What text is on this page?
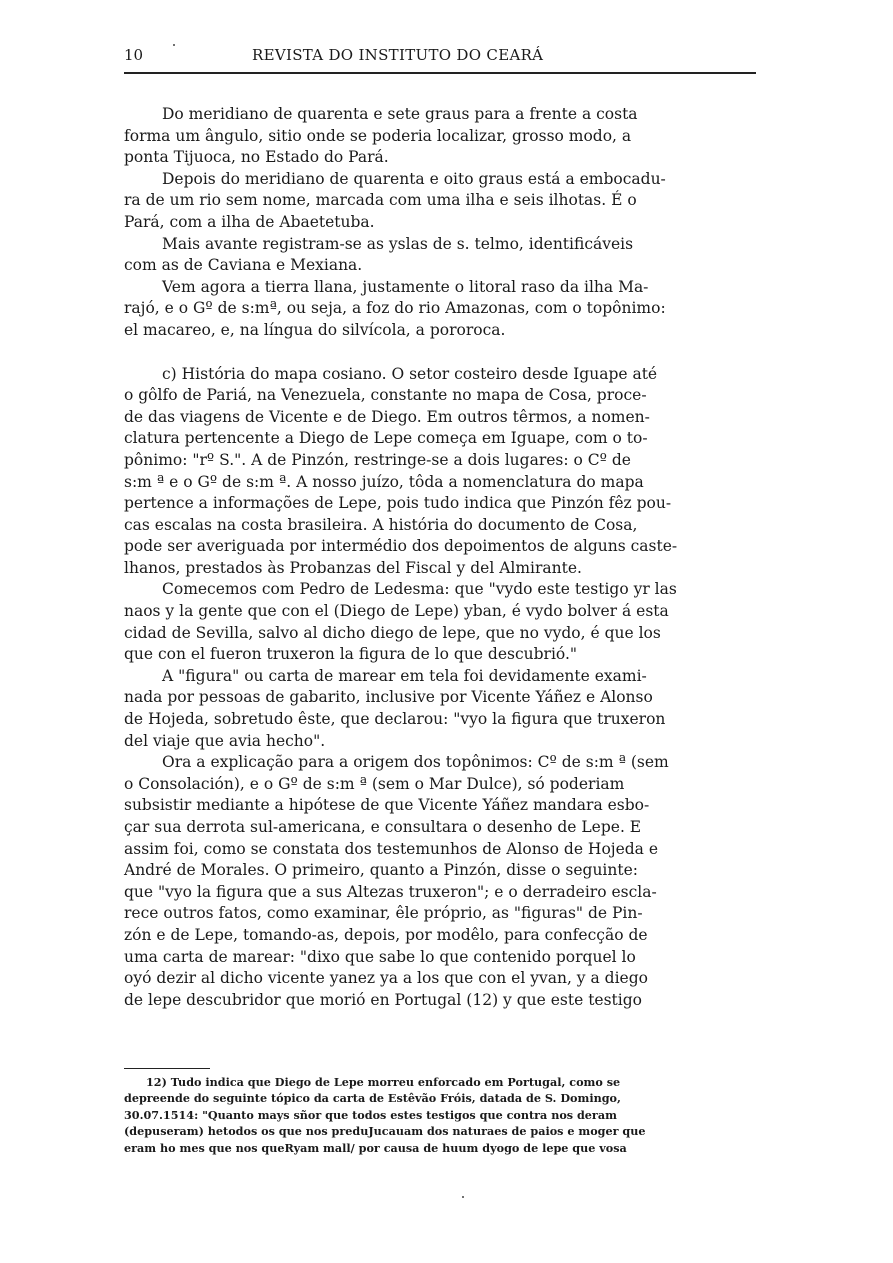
10	REVISTA DO INSTITUTO DO CEARÁ
Do meridiano de quarenta e sete graus para a frente a costa
forma um ângulo, sitio onde se poderia localizar, grosso modo, a
ponta Tijuoca, no Estado do Pará.
Depois do meridiano de quarenta e oito graus está a embocadu-
ra de um rio sem nome, marcada com uma ilha e seis ilhotas. É o
Pará, com a ilha de Abaetetuba.
Mais avante registram-se as yslas de s. telmo, identificáveis
com as de Caviana e Mexiana.
Vem agora a tierra llana, justamente o litoral raso da ilha Ma-
rajó, e o Gº de s:mª, ou seja, a foz do rio Amazonas, com o topônimo:
el macareo, e, na língua do silvícola, a pororoca.
c) História do mapa cosiano. O setor costeiro desde Iguape até
o gôlfo de Pariá, na Venezuela, constante no mapa de Cosa, proce-
de das viagens de Vicente e de Diego. Em outros têrmos, a nomen-
clatura pertencente a Diego de Lepe começa em Iguape, com o to-
pônimo: "rº S.". A de Pinzón, restringe-se a dois lugares: o Cº de
s:m ª e o Gº de s:m ª. A nosso juízo, tôda a nomenclatura do mapa
pertence a informações de Lepe, pois tudo indica que Pinzón fêz pou-
cas escalas na costa brasileira. A história do documento de Cosa,
pode ser averiguada por intermédio dos depoimentos de alguns caste-
lhanos, prestados às Probanzas del Fiscal y del Almirante.
Comecemos com Pedro de Ledesma: que "vydo este testigo yr las
naos y la gente que con el (Diego de Lepe) yban, é vydo bolver á esta
cidad de Sevilla, salvo al dicho diego de lepe, que no vydo, é que los
que con el fueron truxeron la figura de lo que descubrió."
A "figura" ou carta de marear em tela foi devidamente exami-
nada por pessoas de gabarito, inclusive por Vicente Yáñez e Alonso
de Hojeda, sobretudo êste, que declarou: "vyo la figura que truxeron
del viaje que avia hecho".
Ora a explicação para a origem dos topônimos: Cº de s:m ª (sem
o Consolación), e o Gº de s:m ª (sem o Mar Dulce), só poderiam
subsistir mediante a hipótese de que Vicente Yáñez mandara esbo-
çar sua derrota sul-americana, e consultara o desenho de Lepe. E
assim foi, como se constata dos testemunhos de Alonso de Hojeda e
André de Morales. O primeiro, quanto a Pinzón, disse o seguinte:
que "vyo la figura que a sus Altezas truxeron"; e o derradeiro escla-
rece outros fatos, como examinar, êle próprio, as "figuras" de Pin-
zón e de Lepe, tomando-as, depois, por modêlo, para confecção de
uma carta de marear: "dixo que sabe lo que contenido porquel lo
oyó dezir al dicho vicente yanez ya a los que con el yvan, y a diego
de lepe descubridor que morió en Portugal (12) y que este testigo
12) Tudo indica que Diego de Lepe morreu enforcado em Portugal, como se
depreende do seguinte tópico da carta de Estêvão Fróis, datada de S. Domingo,
30.07.1514: "Quanto mays sñor que todos estes testigos que contra nos deram
(depuseram) hetodos os que nos preduJucauam dos naturaes de paios e moger que
eram ho mes que nos queRyam mall/ por causa de huum dyogo de lepe que vosa
